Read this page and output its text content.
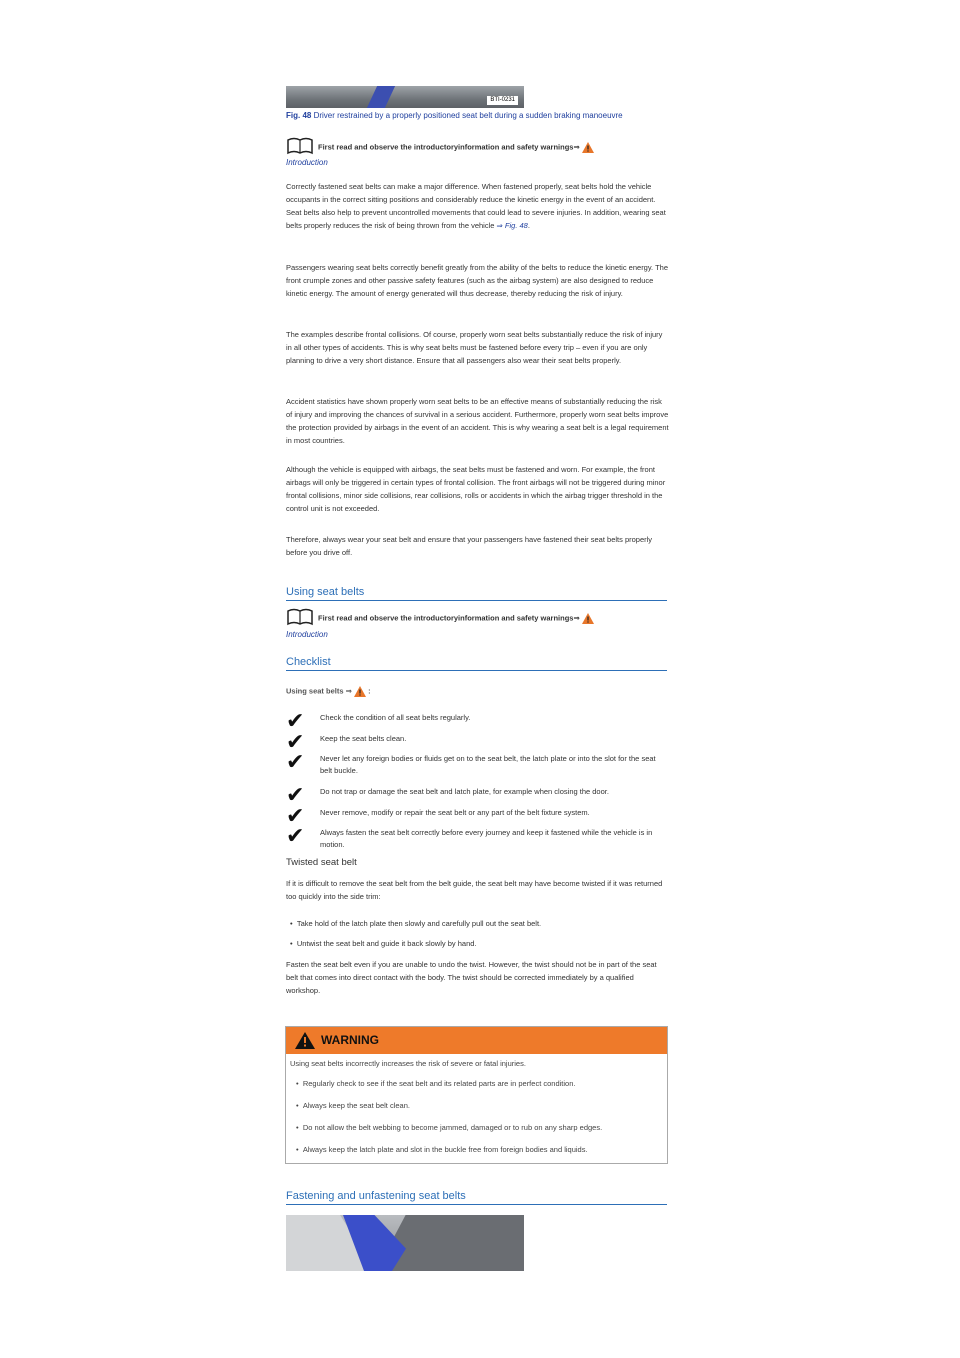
BTI-0231
Fig. 48 Driver restrained by a properly positioned seat belt during a sudden braking manoeuvre
First read and observe the introductoryinformation and safety warnings⇒
Introduction

Correctly fastened seat belts can make a major difference. When fastened properly, seat belts hold the vehicle occupants in the correct sitting positions and considerably reduce the kinetic energy in the event of an accident. Seat belts also help to prevent uncontrolled movements that could lead to severe injuries. In addition, wearing seat belts properly reduces the risk of being thrown from the vehicle ⇒ Fig. 48.

Passengers wearing seat belts correctly benefit greatly from the ability of the belts to reduce the kinetic energy. The front crumple zones and other passive safety features (such as the airbag system) are also designed to reduce kinetic energy. The amount of energy generated will thus decrease, thereby reducing the risk of injury.

The examples describe frontal collisions. Of course, properly worn seat belts substantially reduce the risk of injury in all other types of accidents. This is why seat belts must be fastened before every trip – even if you are only planning to drive a very short distance. Ensure that all passengers also wear their seat belts properly.

Accident statistics have shown properly worn seat belts to be an effective means of substantially reducing the risk of injury and improving the chances of survival in a serious accident. Furthermore, properly worn seat belts improve the protection provided by airbags in the event of an accident. This is why wearing a seat belt is a legal requirement in most countries.

Although the vehicle is equipped with airbags, the seat belts must be fastened and worn. For example, the front airbags will only be triggered in certain types of frontal collision. The front airbags will not be triggered during minor frontal collisions, minor side collisions, rear collisions, rolls or accidents in which the airbag trigger threshold in the control unit is not exceeded.

Therefore, always wear your seat belt and ensure that your passengers have fastened their seat belts properly before you drive off.

Using seat belts
First read and observe the introductoryinformation and safety warnings⇒
Introduction
Checklist
Using seat belts ⇒ :
✔ Check the condition of all seat belts regularly.
✔ Keep the seat belts clean.
✔ Never let any foreign bodies or fluids get on to the seat belt, the latch plate or into the slot for the seat belt buckle.
✔ Do not trap or damage the seat belt and latch plate, for example when closing the door.
✔ Never remove, modify or repair the seat belt or any part of the belt fixture system.
✔ Always fasten the seat belt correctly before every journey and keep it fastened while the vehicle is in motion.
Twisted seat belt

If it is difficult to remove the seat belt from the belt guide, the seat belt may have become twisted if it was returned too quickly into the side trim:

• Take hold of the latch plate then slowly and carefully pull out the seat belt.
• Untwist the seat belt and guide it back slowly by hand.

Fasten the seat belt even if you are unable to undo the twist. However, the twist should not be in part of the seat belt that comes into direct contact with the body. The twist should be corrected immediately by a qualified workshop.

WARNING
Using seat belts incorrectly increases the risk of severe or fatal injuries.
• Regularly check to see if the seat belt and its related parts are in perfect condition.
• Always keep the seat belt clean.
• Do not allow the belt webbing to become jammed, damaged or to rub on any sharp edges.
• Always keep the latch plate and slot in the buckle free from foreign bodies and liquids.
Fastening and unfastening seat belts
